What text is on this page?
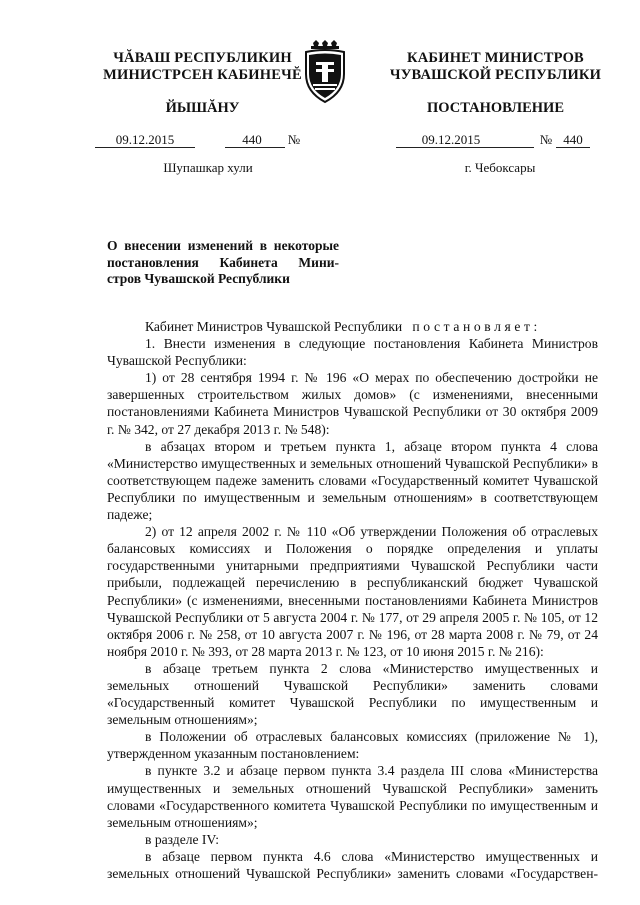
ЧĂВАШ РЕСПУБЛИКИН
МИНИСТРСЕН КАБИНЕЧĔ
ЙЫШĂНУ
КАБИНЕТ МИНИСТРОВ
ЧУВАШСКОЙ РЕСПУБЛИКИ
ПОСТАНОВЛЕНИЕ
09.12.2015	440	№	09.12.2015	№ 440
Шупашкар хули	г. Чебоксары
О внесении изменений в некоторые
постановления Кабинета Мини-
стров Чувашской Республики

Кабинет Министров Чувашской Республики постановляет:

1. Внести изменения в следующие постановления Кабинета Министров Чувашской Республики:

1) от 28 сентября 1994 г. № 196 «О мерах по обеспечению достройки не завершенных строительством жилых домов» (с изменениями, внесенными постановлениями Кабинета Министров Чувашской Республики от 30 октября 2009 г. № 342, от 27 декабря 2013 г. № 548):

в абзацах втором и третьем пункта 1, абзаце втором пункта 4 слова «Министерство имущественных и земельных отношений Чувашской Республики» в соответствующем падеже заменить словами «Государственный комитет Чувашской Республики по имущественным и земельным отношениям» в соответствующем падеже;

2) от 12 апреля 2002 г. № 110 «Об утверждении Положения об отраслевых балансовых комиссиях и Положения о порядке определения и уплаты государственными унитарными предприятиями Чувашской Республики части прибыли, подлежащей перечислению в республиканский бюджет Чувашской Республики» (с изменениями, внесенными постановлениями Кабинета Министров Чувашской Республики от 5 августа 2004 г. № 177, от 29 апреля 2005 г. № 105, от 12 октября 2006 г. № 258, от 10 августа 2007 г. № 196, от 28 марта 2008 г. № 79, от 24 ноября 2010 г. № 393, от 28 марта 2013 г. № 123, от 10 июня 2015 г. № 216):

в абзаце третьем пункта 2 слова «Министерство имущественных и земельных отношений Чувашской Республики» заменить словами «Государственный комитет Чувашской Республики по имущественным и земельным отношениям»;

в Положении об отраслевых балансовых комиссиях (приложение № 1), утвержденном указанным постановлением:

в пункте 3.2 и абзаце первом пункта 3.4 раздела III слова «Министерства имущественных и земельных отношений Чувашской Республики» заменить словами «Государственного комитета Чувашской Республики по имущественным и земельным отношениям»;

в разделе IV:

в абзаце первом пункта 4.6 слова «Министерство имущественных и земельных отношений Чувашской Республики» заменить словами «Государствен-
